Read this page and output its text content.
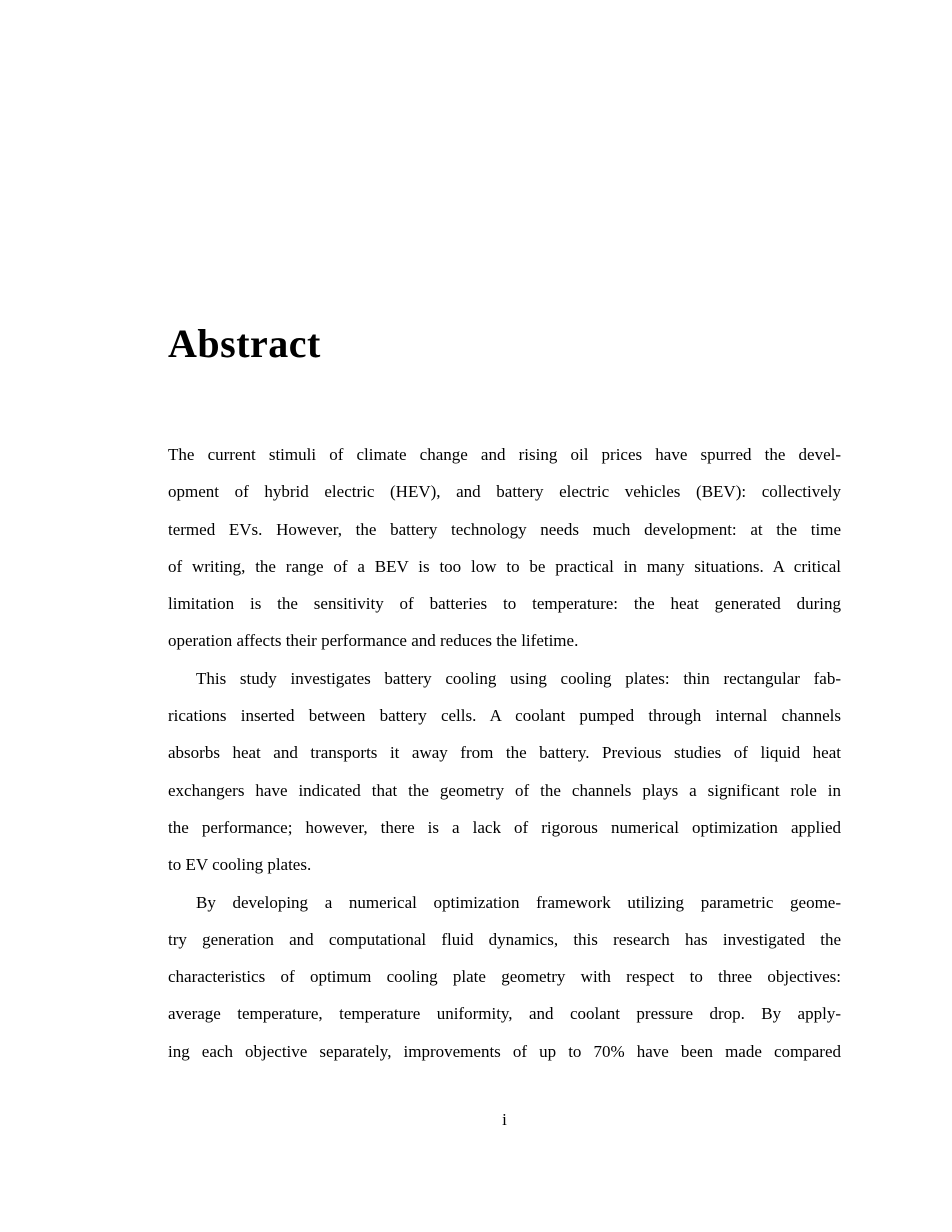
Abstract
The current stimuli of climate change and rising oil prices have spurred the devel-
opment of hybrid electric (HEV), and battery electric vehicles (BEV): collectively
termed EVs. However, the battery technology needs much development: at the time
of writing, the range of a BEV is too low to be practical in many situations. A critical
limitation is the sensitivity of batteries to temperature: the heat generated during
operation affects their performance and reduces the lifetime.
This study investigates battery cooling using cooling plates: thin rectangular fab-
rications inserted between battery cells. A coolant pumped through internal channels
absorbs heat and transports it away from the battery. Previous studies of liquid heat
exchangers have indicated that the geometry of the channels plays a significant role in
the performance; however, there is a lack of rigorous numerical optimization applied
to EV cooling plates.
By developing a numerical optimization framework utilizing parametric geome-
try generation and computational fluid dynamics, this research has investigated the
characteristics of optimum cooling plate geometry with respect to three objectives:
average temperature, temperature uniformity, and coolant pressure drop. By apply-
ing each objective separately, improvements of up to 70% have been made compared
i
